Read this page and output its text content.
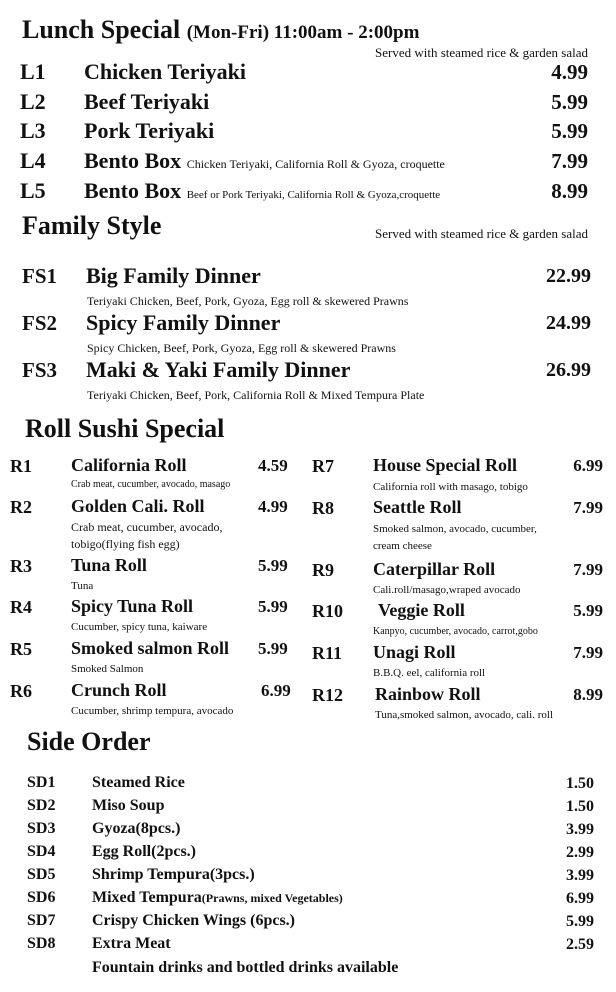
Lunch Special (Mon-Fri) 11:00am - 2:00pm
Served with steamed rice & garden salad
L1 Chicken Teriyaki	4.99
L2 Beef Teriyaki	5.99
L3 Pork Teriyaki	5.99
L4 Bento Box Chicken Teriyaki, California Roll & Gyoza, croquette	7.99
L5 Bento Box Beef or Pork Teriyaki, California Roll & Gyoza,croquette	8.99
Family Style	Served with steamed rice & garden salad
FS1 Big Family Dinner	22.99
Teriyaki Chicken, Beef, Pork, Gyoza, Egg roll & skewered Prawns
FS2 Spicy Family Dinner	24.99
Spicy Chicken, Beef, Pork, Gyoza, Egg roll & skewered Prawns
FS3 Maki & Yaki Family Dinner	26.99
Teriyaki Chicken, Beef, Pork, California Roll & Mixed Tempura Plate
Roll Sushi Special
R1 California Roll	4.59
Crab meat, cucumber, avocado, masago
R2 Golden Cali. Roll	4.99
Crab meat, cucumber, avocado,
tobigo(flying fish egg)
R3 Tuna Roll	5.99
Tuna
R4 Spicy Tuna Roll	5.99
Cucumber, spicy tuna, kaiware
R5 Smoked salmon Roll 5.99
Smoked Salmon
R6 Crunch Roll	6.99
Cucumber, shrimp tempura, avocado
R7 House Special Roll	6.99
California roll with masago, tobigo
R8 Seattle Roll	7.99
Smoked salmon, avocado, cucumber,
cream cheese
R9 Caterpillar Roll	7.99
Cali.roll/masago,wraped avocado
R10 Veggie Roll	5.99
Kanpyo, cucumber, avocado, carrot,gobo
R11 Unagi Roll	7.99
B.B.Q. eel, california roll
R12 Rainbow Roll	8.99
Tuna,smoked salmon, avocado, cali. roll
Side Order
SD1 Steamed Rice	1.50
SD2 Miso Soup	1.50
SD3 Gyoza(8pcs.)	3.99
SD4 Egg Roll(2pcs.)	2.99
SD5 Shrimp Tempura(3pcs.)	3.99
SD6 Mixed Tempura(Prawns, mixed Vegetables)	6.99
SD7 Crispy Chicken Wings (6pcs.)	5.99
SD8 Extra Meat	2.59
Fountain drinks and bottled drinks available
